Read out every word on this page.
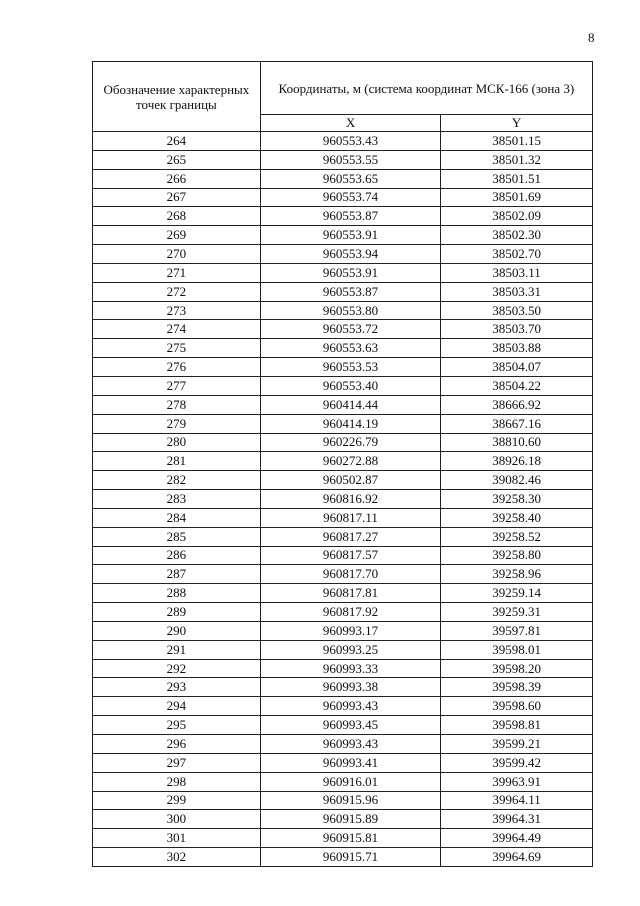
8
Обозначение характерных точек границы	Координаты, м (система координат МСК-166 (зона 3)	
	X	Y
264	960553.43	38501.15
265	960553.55	38501.32
266	960553.65	38501.51
267	960553.74	38501.69
268	960553.87	38502.09
269	960553.91	38502.30
270	960553.94	38502.70
271	960553.91	38503.11
272	960553.87	38503.31
273	960553.80	38503.50
274	960553.72	38503.70
275	960553.63	38503.88
276	960553.53	38504.07
277	960553.40	38504.22
278	960414.44	38666.92
279	960414.19	38667.16
280	960226.79	38810.60
281	960272.88	38926.18
282	960502.87	39082.46
283	960816.92	39258.30
284	960817.11	39258.40
285	960817.27	39258.52
286	960817.57	39258.80
287	960817.70	39258.96
288	960817.81	39259.14
289	960817.92	39259.31
290	960993.17	39597.81
291	960993.25	39598.01
292	960993.33	39598.20
293	960993.38	39598.39
294	960993.43	39598.60
295	960993.45	39598.81
296	960993.43	39599.21
297	960993.41	39599.42
298	960916.01	39963.91
299	960915.96	39964.11
300	960915.89	39964.31
301	960915.81	39964.49
302	960915.71	39964.69
